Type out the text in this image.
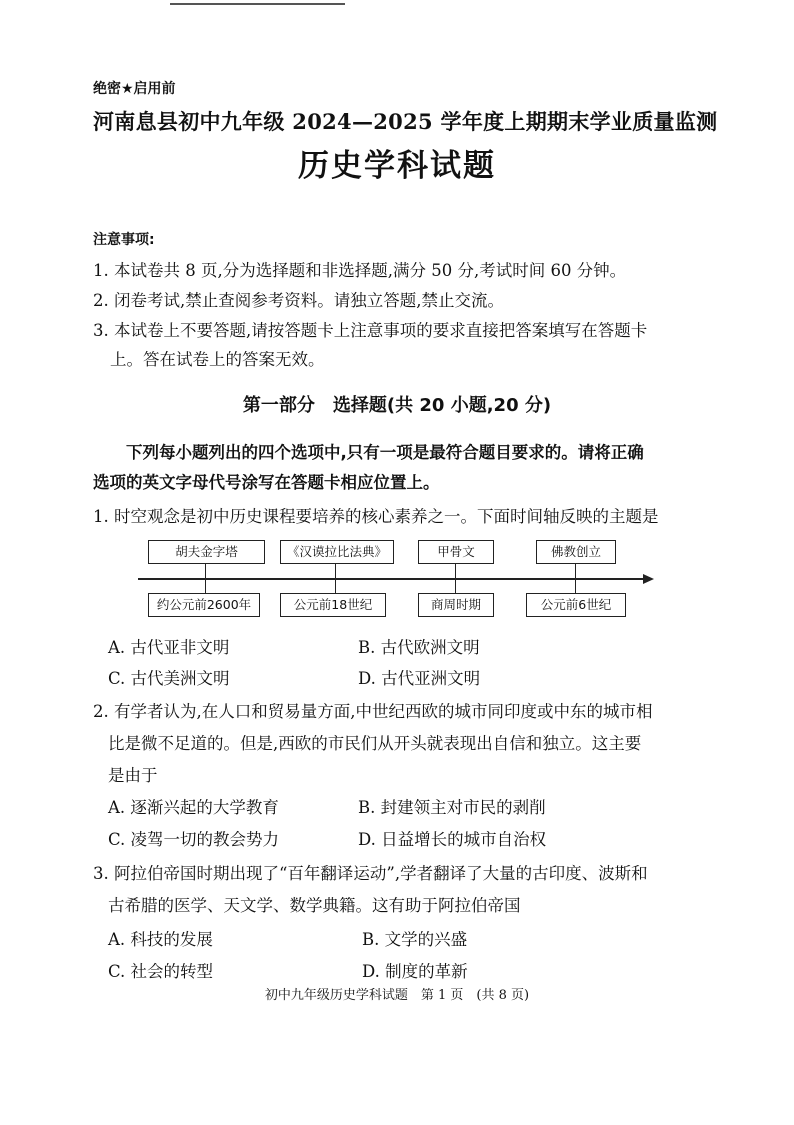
绝密★启用前
河南息县初中九年级 2024—2025 学年度上期期末学业质量监测
历史学科试题
注意事项:
1. 本试卷共 8 页,分为选择题和非选择题,满分 50 分,考试时间 60 分钟。
2. 闭卷考试,禁止查阅参考资料。请独立答题,禁止交流。
3. 本试卷上不要答题,请按答题卡上注意事项的要求直接把答案填写在答题卡
上。答在试卷上的答案无效。
第一部分　选择题(共 20 小题,20 分)
下列每小题列出的四个选项中,只有一项是最符合题目要求的。请将正确
选项的英文字母代号涂写在答题卡相应位置上。
1. 时空观念是初中历史课程要培养的核心素养之一。下面时间轴反映的主题是
胡夫金字塔	《汉谟拉比法典》	甲骨文	佛教创立
约公元前2600年	公元前18世纪	商周时期	公元前6世纪
A. 古代亚非文明	B. 古代欧洲文明
C. 古代美洲文明	D. 古代亚洲文明
2. 有学者认为,在人口和贸易量方面,中世纪西欧的城市同印度或中东的城市相
比是微不足道的。但是,西欧的市民们从开头就表现出自信和独立。这主要
是由于
A. 逐渐兴起的大学教育	B. 封建领主对市民的剥削
C. 凌驾一切的教会势力	D. 日益增长的城市自治权
3. 阿拉伯帝国时期出现了“百年翻译运动”,学者翻译了大量的古印度、波斯和
古希腊的医学、天文学、数学典籍。这有助于阿拉伯帝国
A. 科技的发展	B. 文学的兴盛
C. 社会的转型	D. 制度的革新
初中九年级历史学科试题　第 1 页　(共 8 页)
